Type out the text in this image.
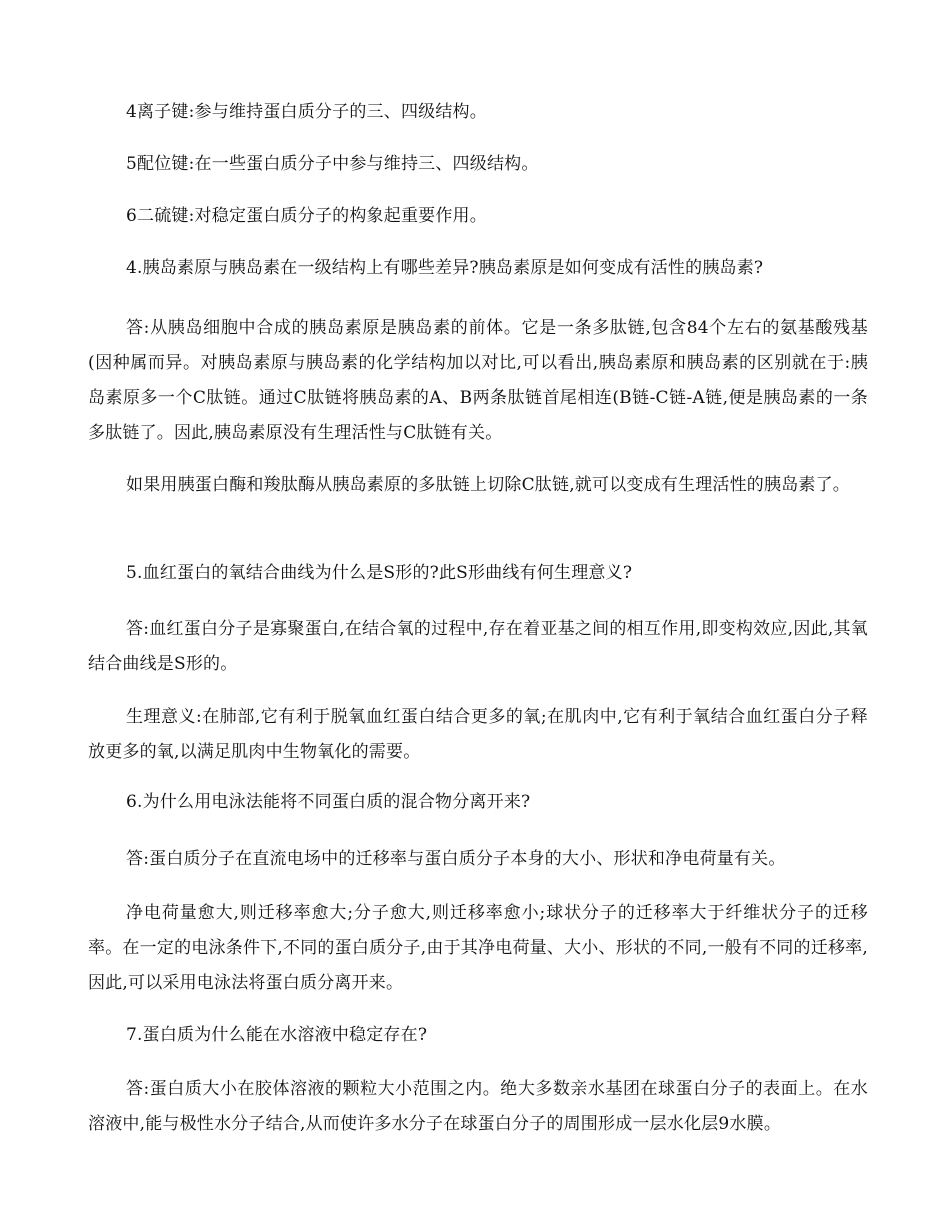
4离子键:参与维持蛋白质分子的三、四级结构。

5配位键:在一些蛋白质分子中参与维持三、四级结构。

6二硫键:对稳定蛋白质分子的构象起重要作用。

4.胰岛素原与胰岛素在一级结构上有哪些差异?胰岛素原是如何变成有活性的胰岛素?

答:从胰岛细胞中合成的胰岛素原是胰岛素的前体。它是一条多肽链,包含84个左右的氨基酸残基(因种属而异。对胰岛素原与胰岛素的化学结构加以对比,可以看出,胰岛素原和胰岛素的区别就在于:胰岛素原多一个C肽链。通过C肽链将胰岛素的A、B两条肽链首尾相连(B链-C链-A链,便是胰岛素的一条多肽链了。因此,胰岛素原没有生理活性与C肽链有关。

如果用胰蛋白酶和羧肽酶从胰岛素原的多肽链上切除C肽链,就可以变成有生理活性的胰岛素了。

5.血红蛋白的氧结合曲线为什么是S形的?此S形曲线有何生理意义?

答:血红蛋白分子是寡聚蛋白,在结合氧的过程中,存在着亚基之间的相互作用,即变构效应,因此,其氧结合曲线是S形的。

生理意义:在肺部,它有利于脱氧血红蛋白结合更多的氧;在肌肉中,它有利于氧结合血红蛋白分子释放更多的氧,以满足肌肉中生物氧化的需要。

6.为什么用电泳法能将不同蛋白质的混合物分离开来?

答:蛋白质分子在直流电场中的迁移率与蛋白质分子本身的大小、形状和净电荷量有关。

净电荷量愈大,则迁移率愈大;分子愈大,则迁移率愈小;球状分子的迁移率大于纤维状分子的迁移率。在一定的电泳条件下,不同的蛋白质分子,由于其净电荷量、大小、形状的不同,一般有不同的迁移率,因此,可以采用电泳法将蛋白质分离开来。

7.蛋白质为什么能在水溶液中稳定存在?

答:蛋白质大小在胶体溶液的颗粒大小范围之内。绝大多数亲水基团在球蛋白分子的表面上。在水溶液中,能与极性水分子结合,从而使许多水分子在球蛋白分子的周围形成一层水化层9水膜。
